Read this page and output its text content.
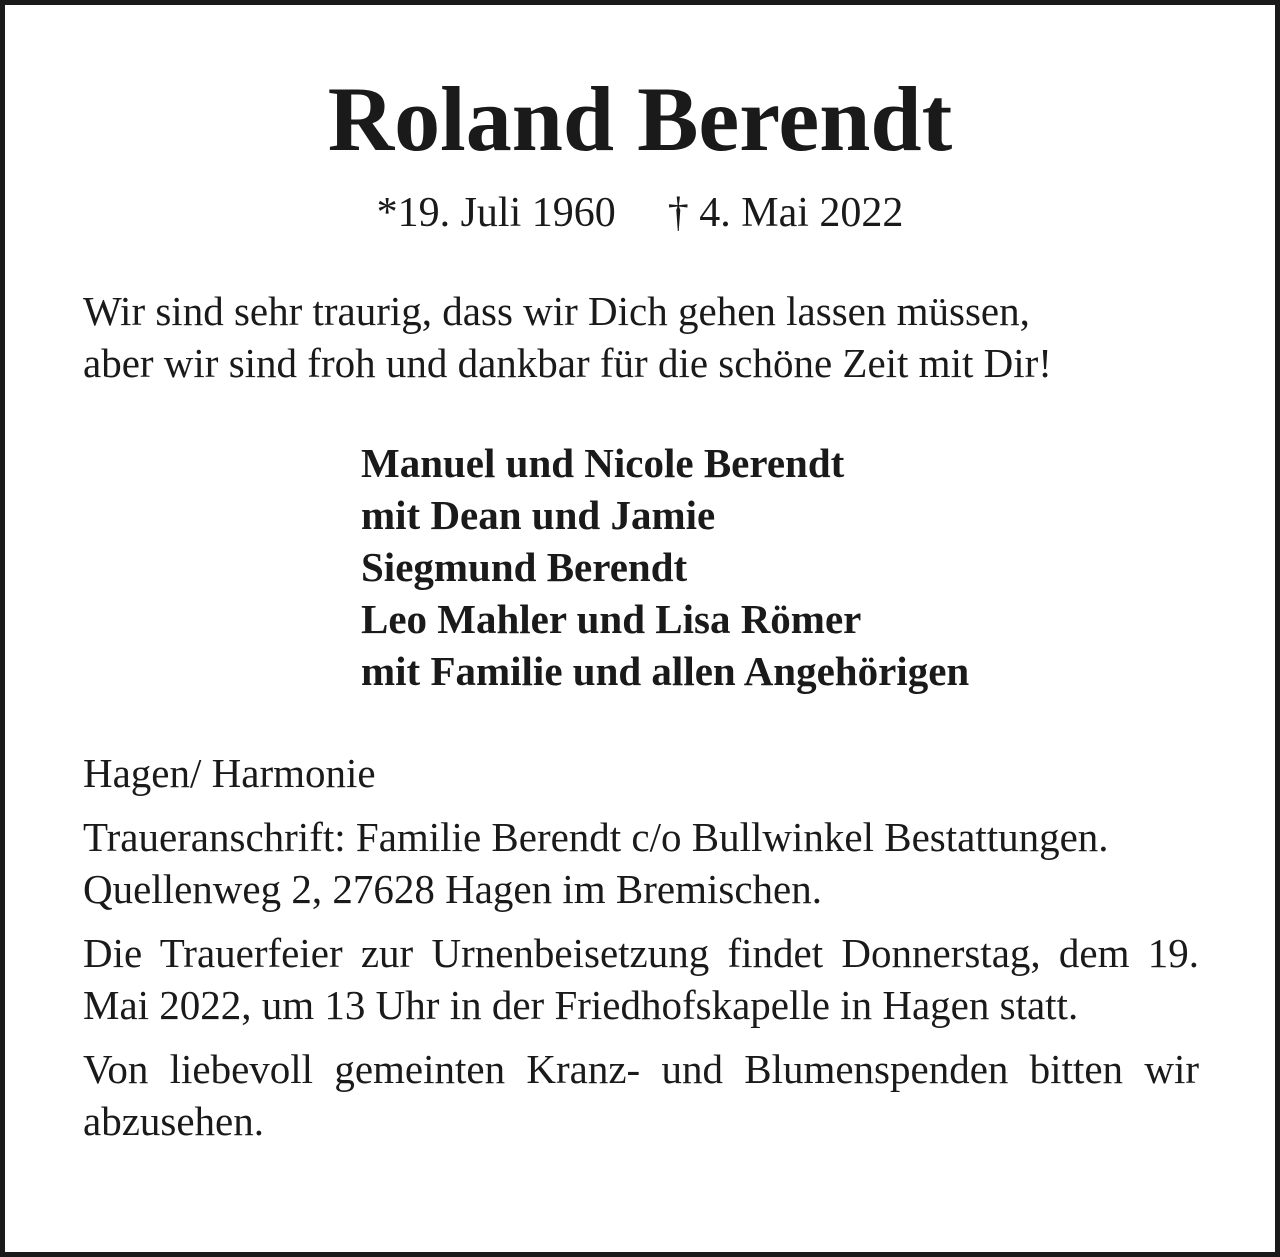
Roland Berendt
*19. Juli 1960 † 4. Mai 2022
Wir sind sehr traurig, dass wir Dich gehen lassen müssen,
aber wir sind froh und dankbar für die schöne Zeit mit Dir!
Manuel und Nicole Berendt
mit Dean und Jamie
Siegmund Berendt
Leo Mahler und Lisa Römer
mit Familie und allen Angehörigen

Hagen/ Harmonie

Traueranschrift: Familie Berendt c/o Bullwinkel Bestattungen.
Quellenweg 2, 27628 Hagen im Bremischen.

Die Trauerfeier zur Urnenbeisetzung findet Donnerstag, dem 19. Mai 2022, um 13 Uhr in der Friedhofskapelle in Hagen statt.

Von liebevoll gemeinten Kranz- und Blumenspenden bitten wir abzusehen.
